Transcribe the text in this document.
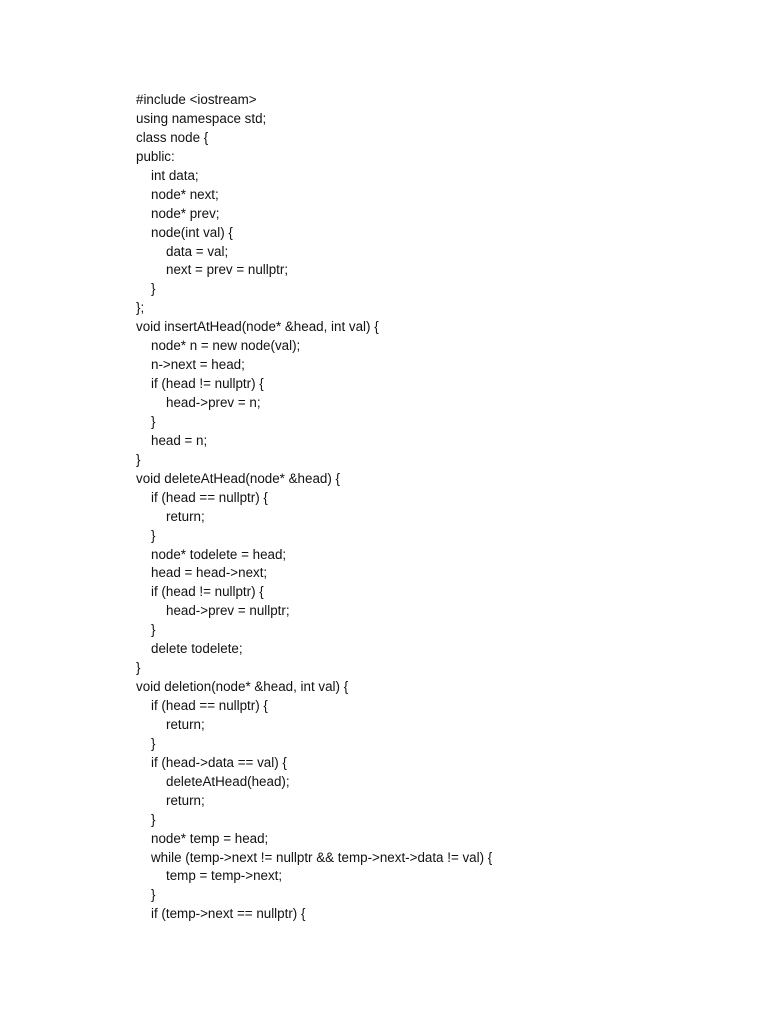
#include <iostream>
using namespace std;
class node {
public:
int data;
node* next;
node* prev;
node(int val) {
data = val;
next = prev = nullptr;
}
};
void insertAtHead(node* &head, int val) {
node* n = new node(val);
n->next = head;
if (head != nullptr) {
head->prev = n;
}
head = n;
}
void deleteAtHead(node* &head) {
if (head == nullptr) {
return;
}
node* todelete = head;
head = head->next;
if (head != nullptr) {
head->prev = nullptr;
}
delete todelete;
}
void deletion(node* &head, int val) {
if (head == nullptr) {
return;
}
if (head->data == val) {
deleteAtHead(head);
return;
}
node* temp = head;
while (temp->next != nullptr && temp->next->data != val) {
temp = temp->next;
}
if (temp->next == nullptr) {
